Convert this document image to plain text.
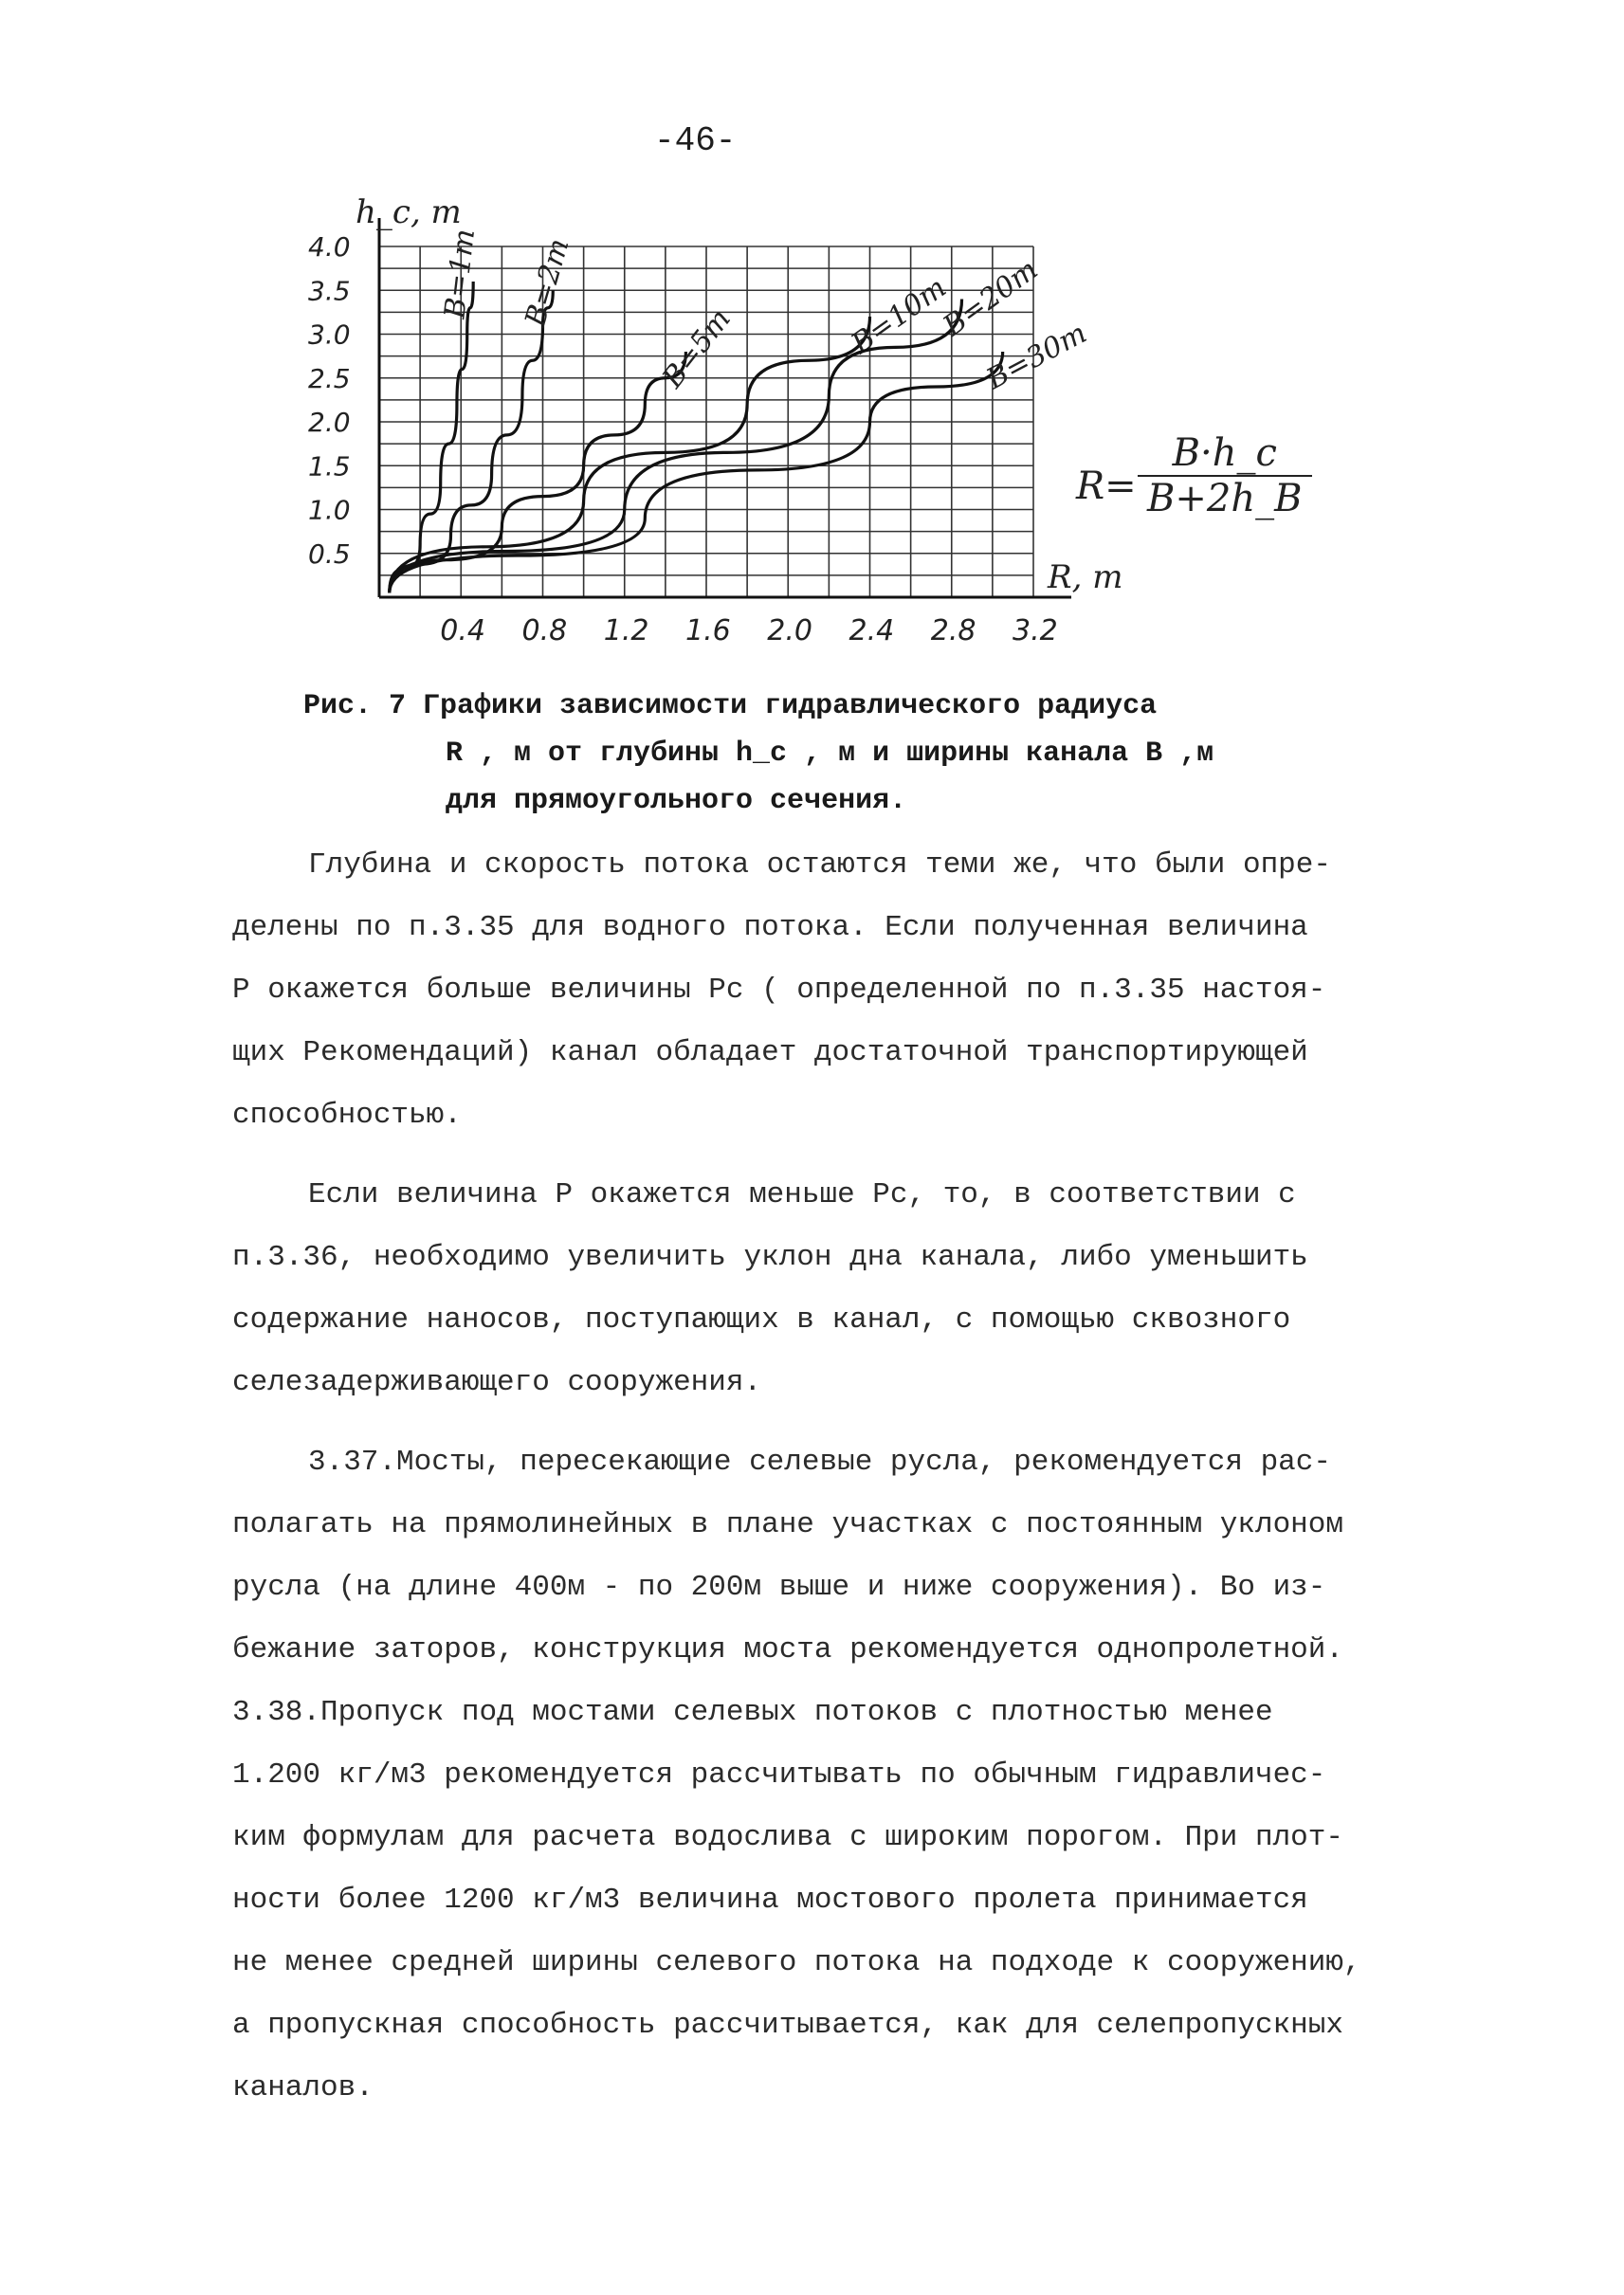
-46-
h_c, m
R, m
0.4 0.8 1.2 1.6 2.0 2.4 2.8 3.2
4.0
3.5
3.0
2.5
2.0
1.5
1.0
0.5
B=1m B=2m
B=5m	B=10m
B=20m
B=30m
$R= \frac{B\cdot h\_c}{B+2h\_B}$
Рис. 7 Графики зависимости гидравлического радиуса
R , м от глубины h_c , м и ширины канала B ,м
для прямоугольного сечения.
Глубина и скорость потока остаются теми же, что были опре-
делены по п.3.35 для водного потока. Если полученная величина
P окажется больше величины Pc ( определенной по п.3.35 настоя-
щих Рекомендаций) канал обладает достаточной транспортирующей
способностью.
Если величина P окажется меньше Pc, то, в соответствии с
п.3.36, необходимо увеличить уклон дна канала, либо уменьшить
содержание наносов, поступающих в канал, с помощью сквозного
селезадерживающего сооружения.
3.37.Мосты, пересекающие селевые русла, рекомендуется рас-
полагать на прямолинейных в плане участках с постоянным уклоном
русла (на длине 400м - по 200м выше и ниже сооружения). Во из-
бежание заторов, конструкция моста рекомендуется однопролетной.
3.38.Пропуск под мостами селевых потоков с плотностью менее
1.200 кг/м3 рекомендуется рассчитывать по обычным гидравличес-
ким формулам для расчета водослива с широким порогом. При плот-
ности более 1200 кг/м3 величина мостового пролета принимается
не менее средней ширины селевого потока на подходе к сооружению,
а пропускная способность рассчитывается, как для селепропускных
каналов.
